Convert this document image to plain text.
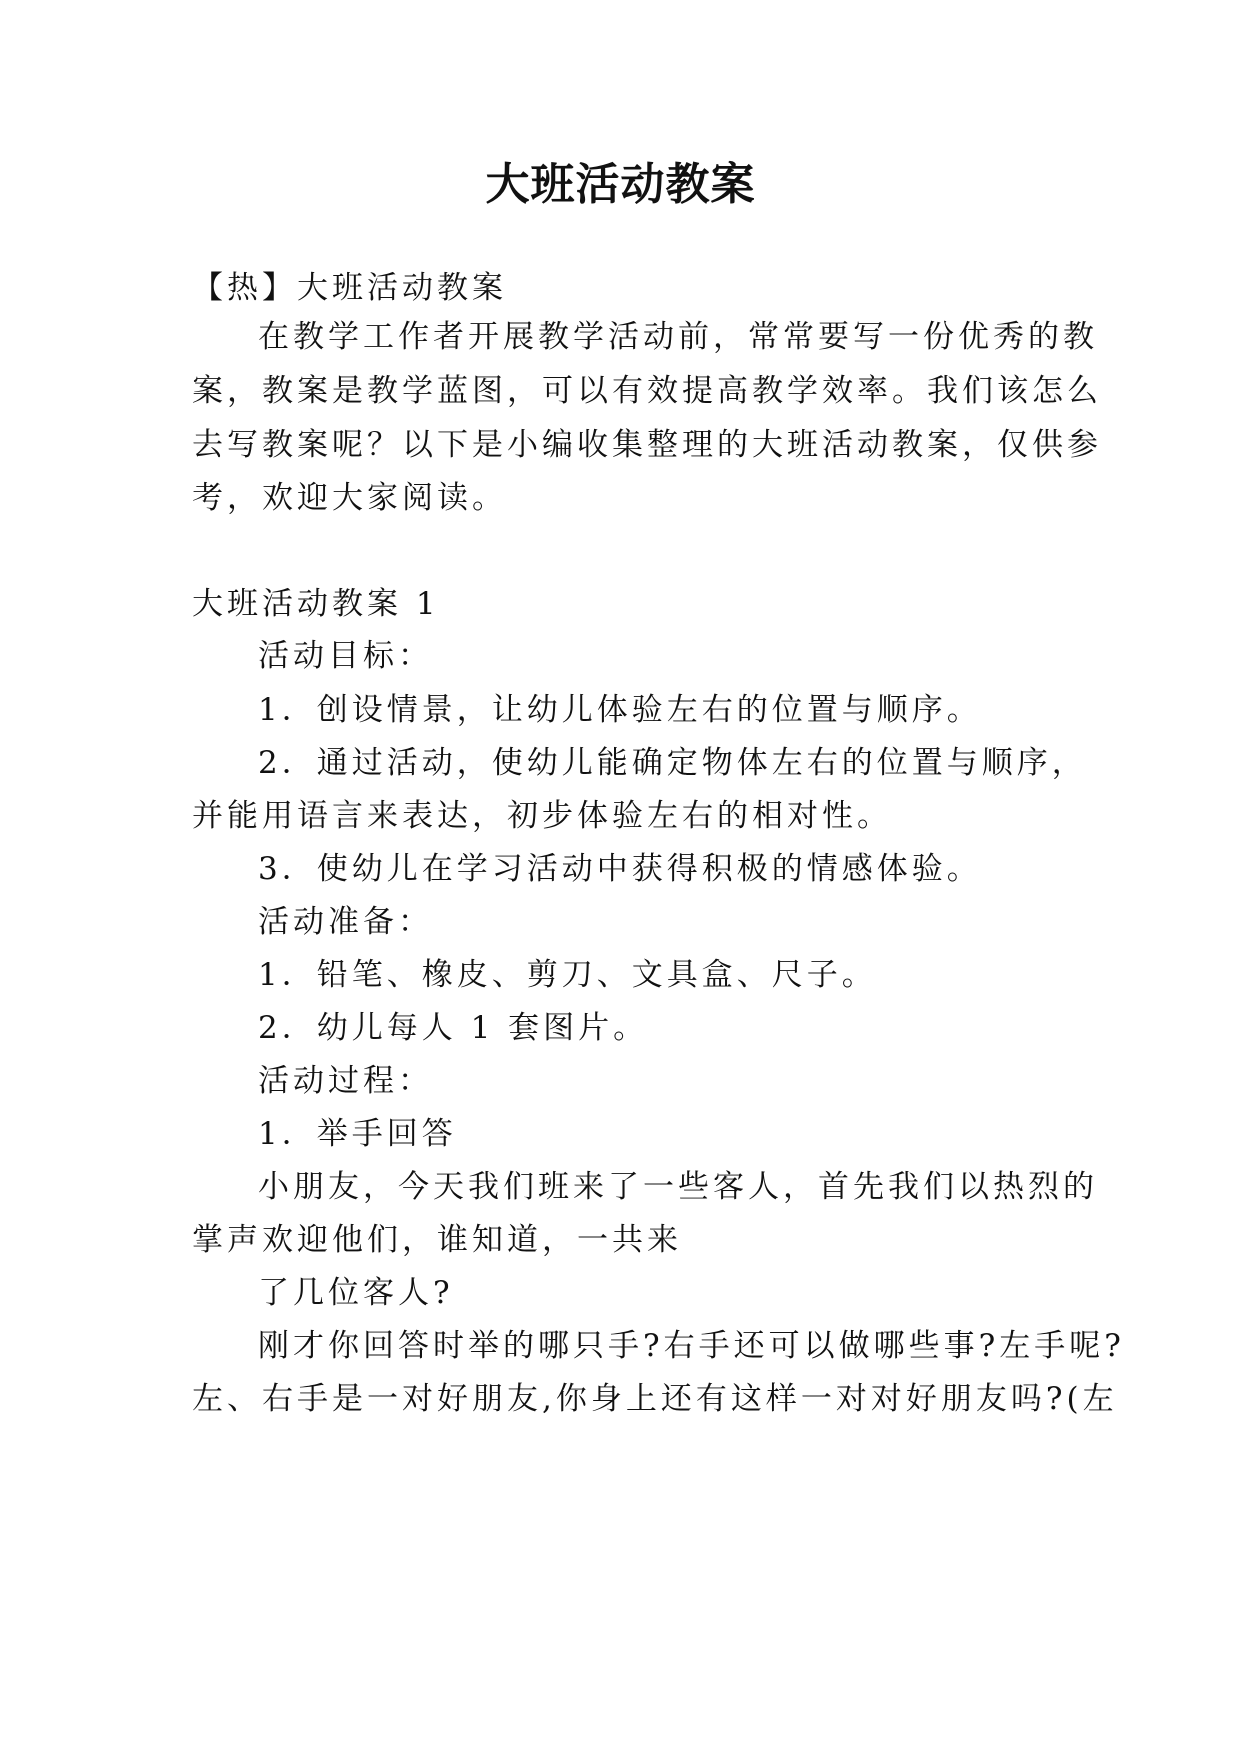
大班活动教案
【热】大班活动教案
在教学工作者开展教学活动前，常常要写一份优秀的教
案，教案是教学蓝图，可以有效提高教学效率。我们该怎么
去写教案呢？以下是小编收集整理的大班活动教案，仅供参
考，欢迎大家阅读。
大班活动教案 1
活动目标：
1．创设情景，让幼儿体验左右的位置与顺序。
2．通过活动，使幼儿能确定物体左右的位置与顺序，
并能用语言来表达，初步体验左右的相对性。
3．使幼儿在学习活动中获得积极的情感体验。
活动准备：
1．铅笔、橡皮、剪刀、文具盒、尺子。
2．幼儿每人 1 套图片。
活动过程：
1．举手回答
小朋友，今天我们班来了一些客人，首先我们以热烈的
掌声欢迎他们，谁知道，一共来
了几位客人?
刚才你回答时举的哪只手?右手还可以做哪些事?左手呢?
左、右手是一对好朋友,你身上还有这样一对对好朋友吗?(左
